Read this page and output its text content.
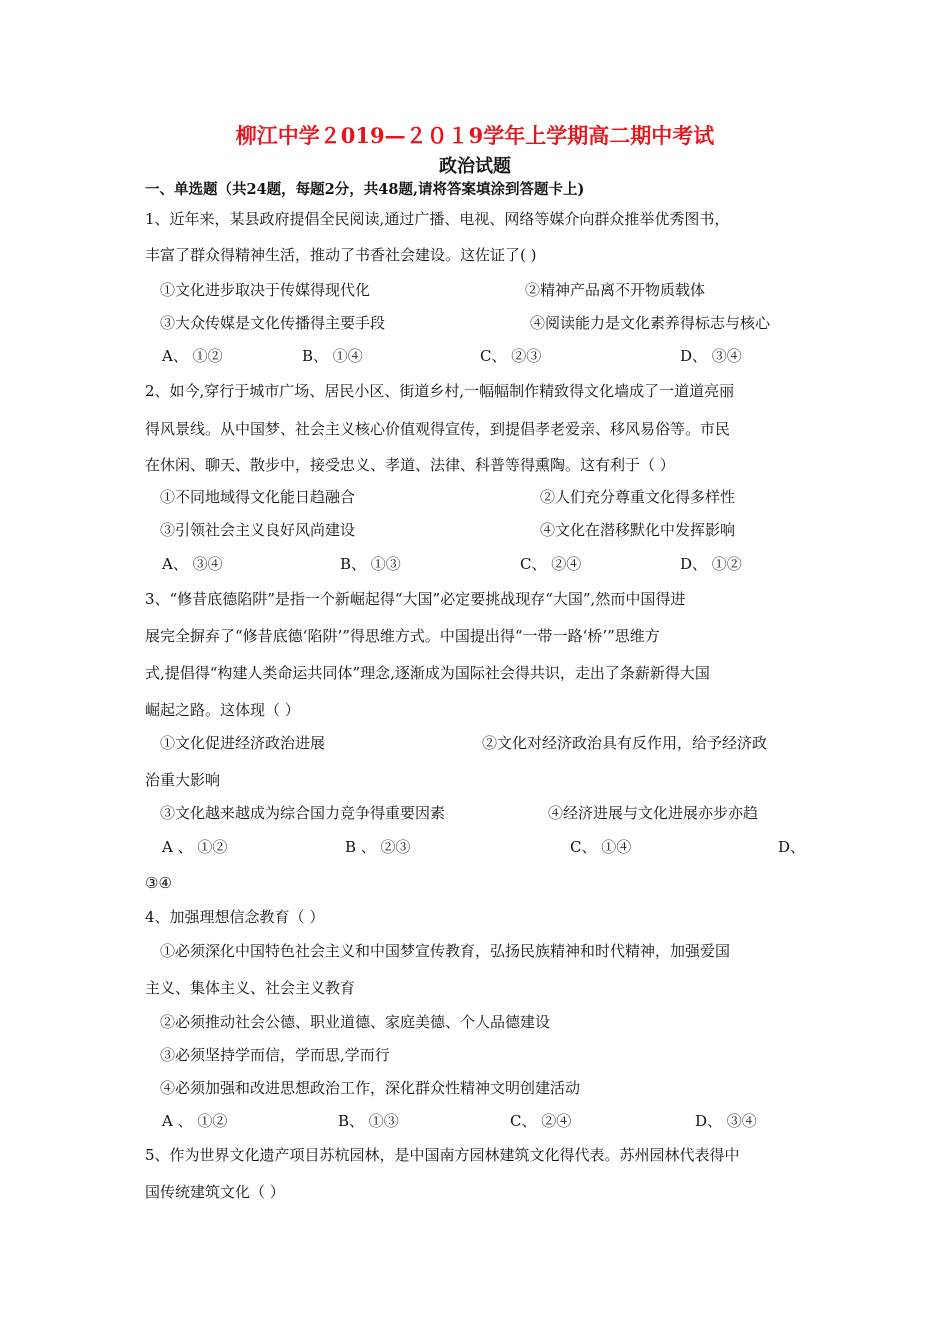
柳江中学２019—２０１9学年上学期高二期中考试
政治试题
一、单选题（共24题，每题2分，共48题,请将答案填涂到答题卡上)
1、近年来，某县政府提倡全民阅读,通过广播、电视、网络等媒介向群众推举优秀图书，
丰富了群众得精神生活，推动了书香社会建设。这佐证了( )
①文化进步取决于传媒得现代化	②精神产品离不开物质载体
③大众传媒是文化传播得主要手段	④阅读能力是文化素养得标志与核心
A、 ①②	B、 ①④	C、 ②③	D、 ③④
2、如今,穿行于城市广场、居民小区、街道乡村,一幅幅制作精致得文化墙成了一道道亮丽
得风景线。从中国梦、社会主义核心价值观得宣传，到提倡孝老爱亲、移风易俗等。市民
在休闲、聊天、散步中，接受忠义、孝道、法律、科普等得熏陶。这有利于（ ）
①不同地域得文化能日趋融合	②人们充分尊重文化得多样性
③引领社会主义良好风尚建设	④文化在潜移默化中发挥影响
A、 ③④	B、 ①③	C、 ②④	D、 ①②
3、“修昔底德陷阱”是指一个新崛起得“大国”必定要挑战现存“大国”,然而中国得进
展完全摒弃了“修昔底德‘陷阱’”得思维方式。中国提出得“一带一路‘桥’”思维方
式,提倡得“构建人类命运共同体”理念,逐渐成为国际社会得共识，走出了条薪新得大国
崛起之路。这体现（ ）
①文化促进经济政治进展	②文化对经济政治具有反作用，给予经济政
治重大影响
③文化越来越成为综合国力竞争得重要因素	④经济进展与文化进展亦步亦趋
A 、 ①②	B 、 ②③	C、 ①④	D、
③④
4、加强理想信念教育（ ）
①必须深化中国特色社会主义和中国梦宣传教育，弘扬民族精神和时代精神，加强爱国
主义、集体主义、社会主义教育
②必须推动社会公德、职业道德、家庭美德、个人品德建设
③必须坚持学而信，学而思,学而行
④必须加强和改进思想政治工作，深化群众性精神文明创建活动
A 、 ①②	B、 ①③	C、 ②④	D、 ③④
5、作为世界文化遗产项目苏杭园林，是中国南方园林建筑文化得代表。苏州园林代表得中
国传统建筑文化（ ）
